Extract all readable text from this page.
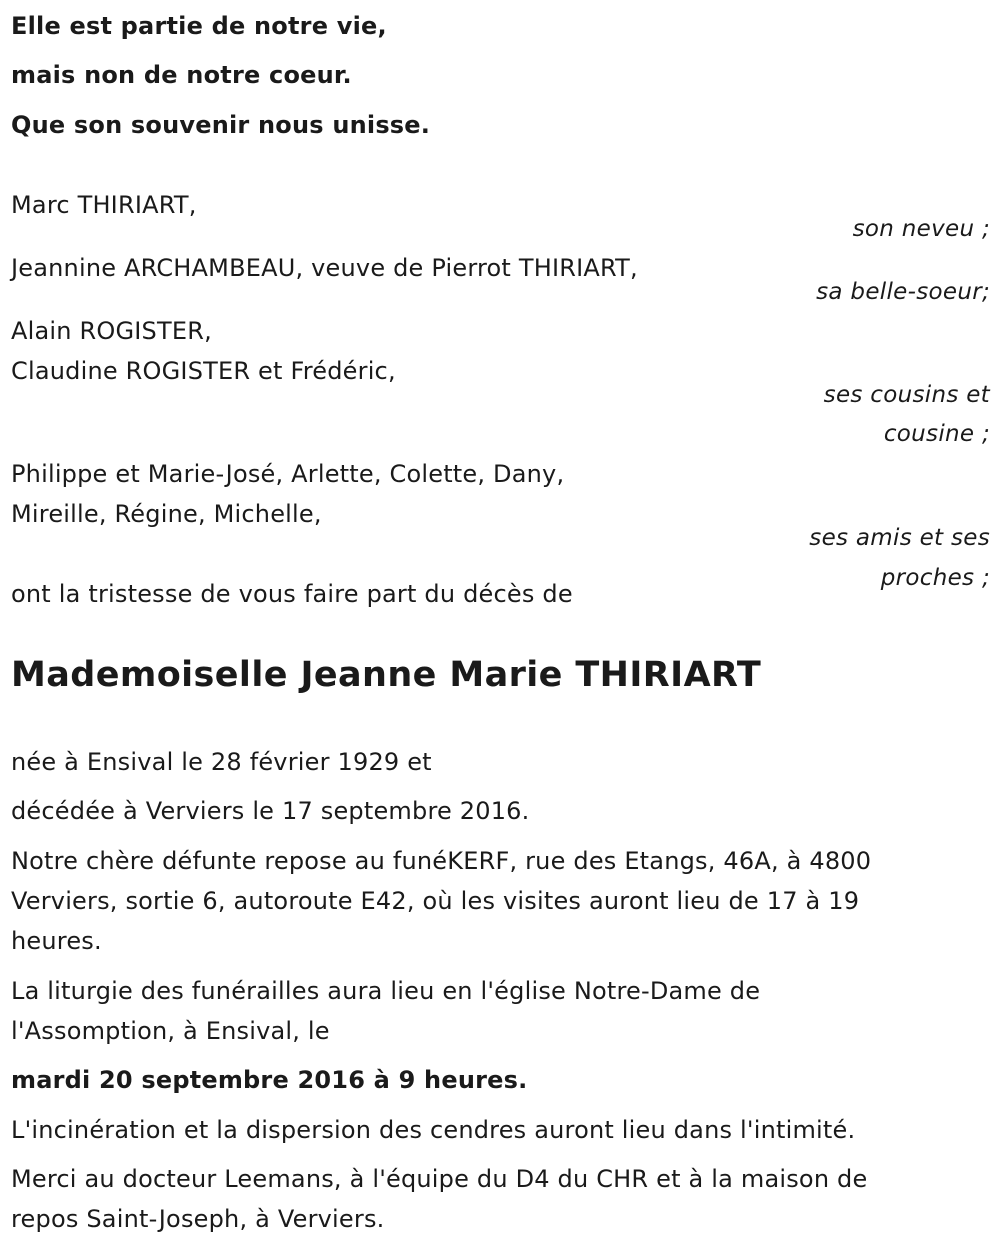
Elle est partie de notre vie,
mais non de notre coeur.
Que son souvenir nous unisse.
Marc THIRIART,
son neveu ;
Jeannine ARCHAMBEAU, veuve de Pierrot THIRIART,
sa belle-soeur;
Alain ROGISTER,
Claudine ROGISTER et Frédéric,
ses cousins et
cousine ;
Philippe et Marie-José, Arlette, Colette, Dany,
Mireille, Régine, Michelle,
ses amis et ses
proches ;
ont la tristesse de vous faire part du décès de
Mademoiselle Jeanne Marie THIRIART
née à Ensival le 28 février 1929 et
décédée à Verviers le 17 septembre 2016.
Notre chère défunte repose au funéKERF, rue des Etangs, 46A, à 4800
Verviers, sortie 6, autoroute E42, où les visites auront lieu de 17 à 19
heures.
La liturgie des funérailles aura lieu en l'église Notre-Dame de
l'Assomption, à Ensival, le
mardi 20 septembre 2016 à 9 heures.
L'incinération et la dispersion des cendres auront lieu dans l'intimité.
Merci au docteur Leemans, à l'équipe du D4 du CHR et à la maison de
repos Saint-Joseph, à Verviers.
